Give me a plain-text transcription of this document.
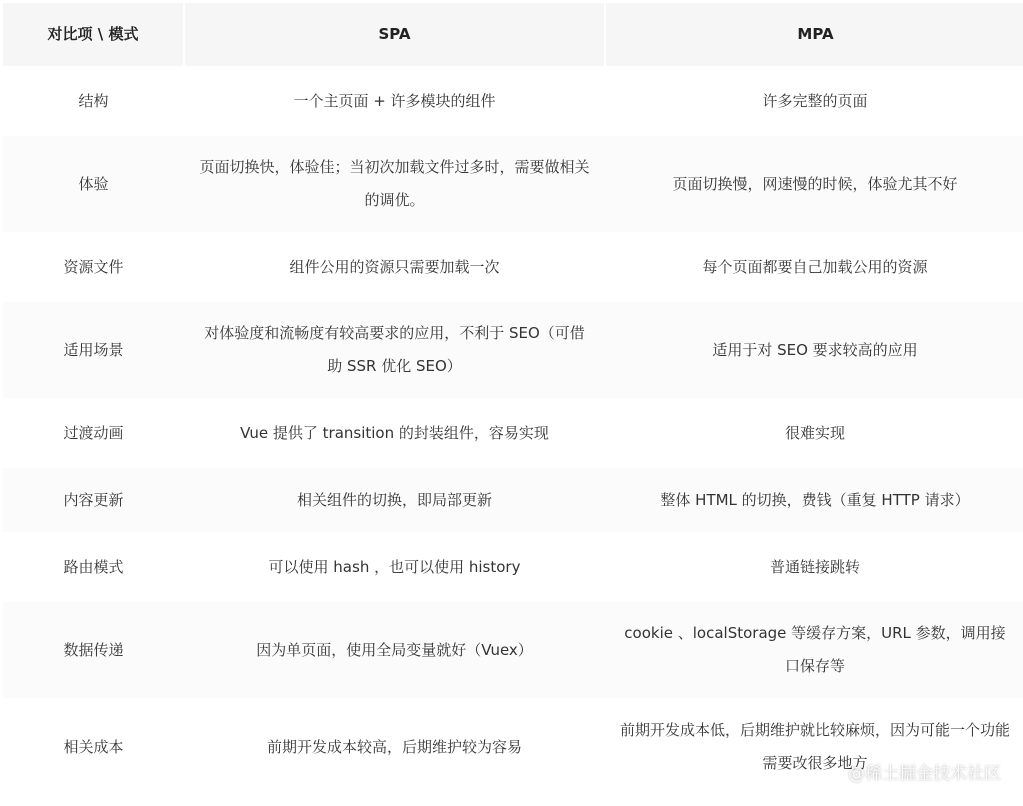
对比项 \ 模式	SPA	MPA
结构	一个主页面 + 许多模块的组件	许多完整的页面
体验	页面切换快，体验佳；当初次加载文件过多时，需要做相关的调优。	页面切换慢，网速慢的时候，体验尤其不好
资源文件	组件公用的资源只需要加载一次	每个页面都要自己加载公用的资源
适用场景	对体验度和流畅度有较高要求的应用，不利于 SEO（可借助 SSR 优化 SEO）	适用于对 SEO 要求较高的应用
过渡动画	Vue 提供了 transition 的封装组件，容易实现	很难实现
内容更新	相关组件的切换，即局部更新	整体 HTML 的切换，费钱（重复 HTTP 请求）
路由模式	可以使用 hash ，也可以使用 history	普通链接跳转
数据传递	因为单页面，使用全局变量就好（Vuex）	cookie 、localStorage 等缓存方案，URL 参数，调用接口保存等
相关成本	前期开发成本较高，后期维护较为容易	前期开发成本低，后期维护就比较麻烦，因为可能一个功能需要改很多地方
@稀土掘金技术社区
